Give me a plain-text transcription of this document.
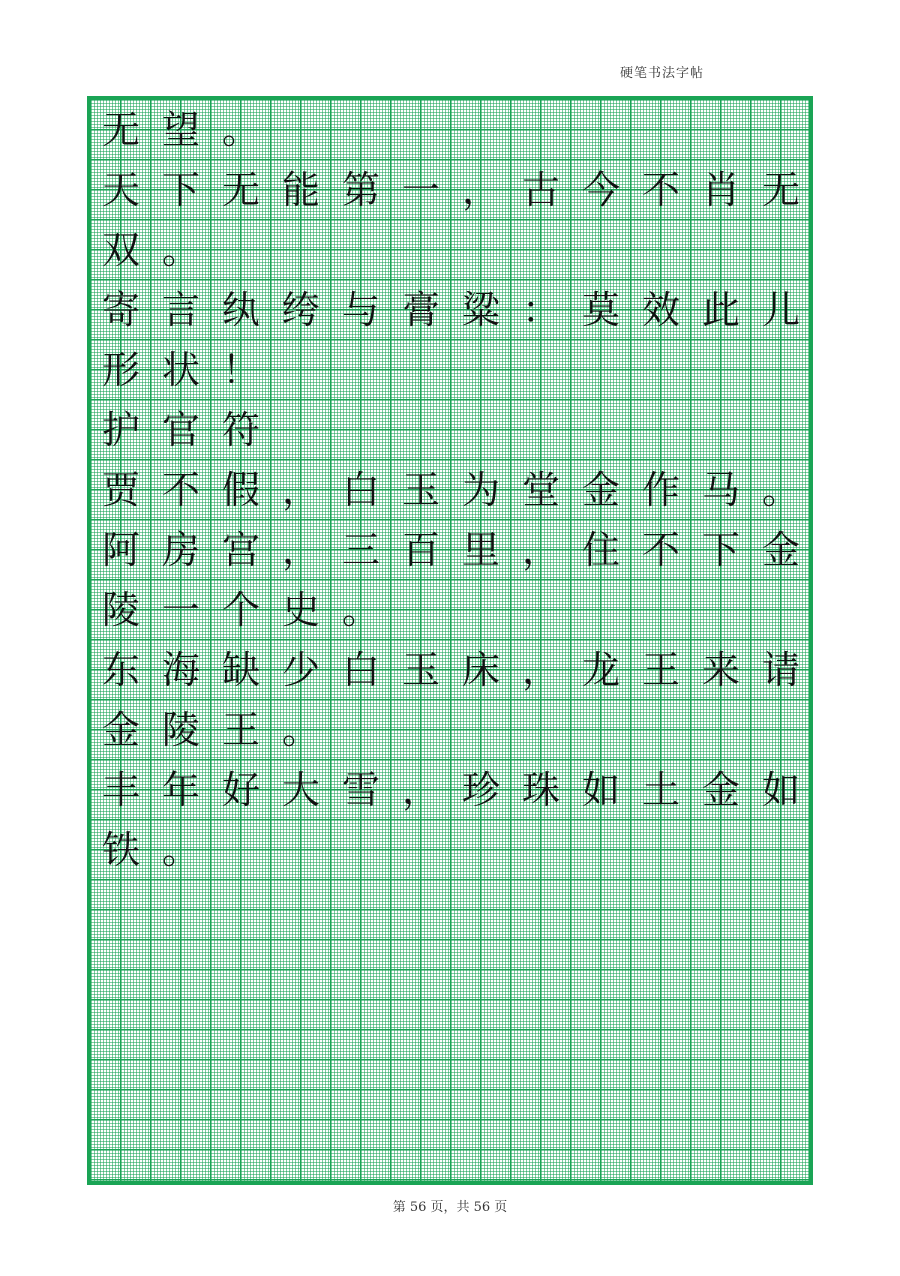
硬笔书法字帖
无 望 。
天 下 无 能 第 一 ， 古 今 不 肖 无
双 。
寄 言 纨 绔 与 膏 粱 ： 莫 效 此 儿
形 状 ！
护 官 符
贾 不 假 ， 白 玉 为 堂 金 作 马 。
阿 房 宫 ， 三 百 里 ， 住 不 下 金
陵 一 个 史 。
东 海 缺 少 白 玉 床 ， 龙 王 来 请
金 陵 王 。
丰 年 好 大 雪 ， 珍 珠 如 土 金 如
铁 。
第 56 页，共 56 页
